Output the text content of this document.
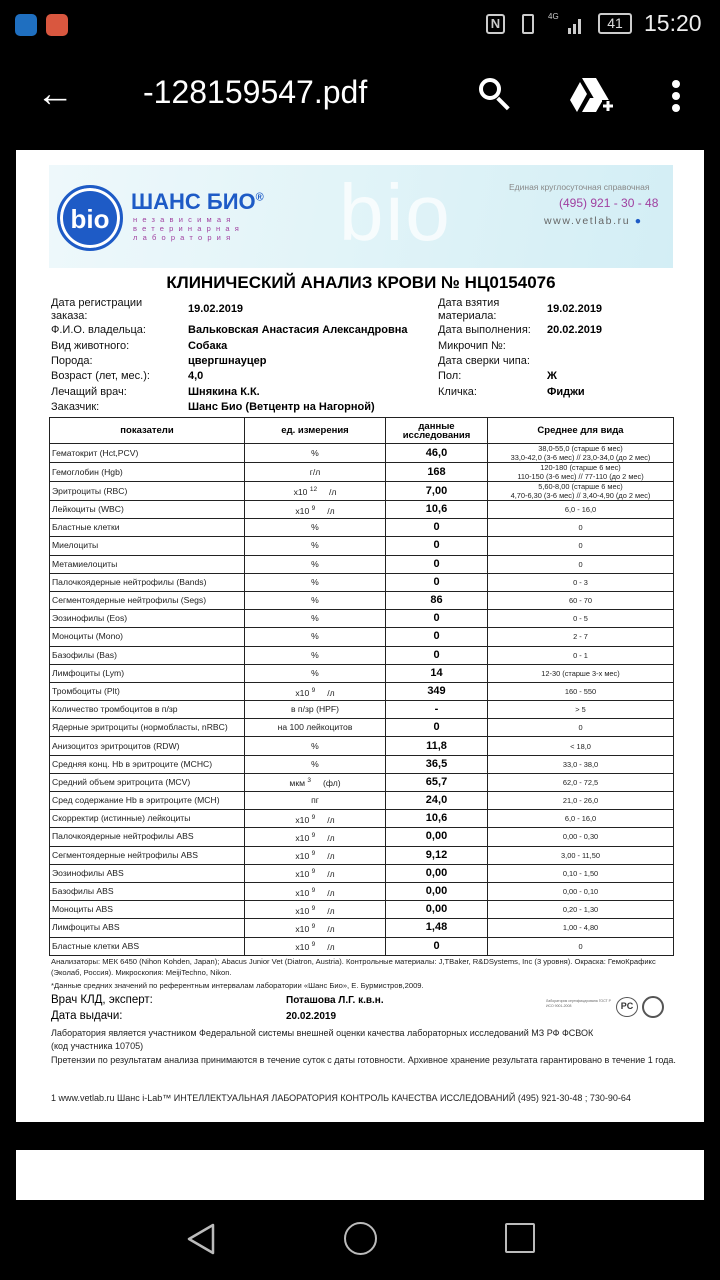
N	4G	41 15:20
← -128159547.pdf
bio
bio
ШАНС БИО®
независимая
ветеринарная
лаборатория
Единая круглосуточная справочная
(495) 921 - 30 - 48
www.vetlab.ru ●
КЛИНИЧЕСКИЙ АНАЛИЗ КРОВИ № НЦ0154076
Дата регистрации заказа:
19.02.2019
Ф.И.О. владельца:	Вальковская Анастасия Александровна
Вид животного:	Собака
Порода:	цвергшнауцер
Возраст (лет, мес.):	4,0
Лечащий врач:	Шнякина К.К.
Заказчик:	Шанс Био (Ветцентр на Нагорной)
Дата взятия материала:
19.02.2019
Дата выполнения: 20.02.2019
Микрочип №:
Дата сверки чипа:
Пол:	Ж
Кличка:	Фиджи
показатели	ед. измерения	данные исследования	Среднее для вида
Гематокрит (Hct,PCV)	%	46,0	38,0-55,0 (старше 6 мес)
33,0-42,0 (3-6 мес) // 23,0-34,0 (до 2 мес)

Гемоглобин (Hgb)	г/л	168	120-180 (старше 6 мес)
110-150 (3-6 мес) // 77-110 (до 2 мес)

Эритроциты (RBC)	x10 $^{12}$ /л	7,00	5,60-8,00 (старше 6 мес)
4,70-6,30 (3-6 мес) // 3,40-4,90 (до 2 мес)

Лейкоциты (WBC)	x10 $^9$ /л	10,6	6,0 - 16,0

Бластные клетки	%	0	0

Миелоциты	%	0	0

Метамиелоциты	%	0	0

Палочкоядерные нейтрофилы (Bands)	%	0	0 - 3

Сегментоядерные нейтрофилы (Segs)	%	86	60 - 70

Эозинофилы (Eos)	%	0	0 - 5

Моноциты (Mono)	%	0	2 - 7

Базофилы (Bas)	%	0	0 - 1

Лимфоциты (Lym)	%	14	12-30 (старше 3-х мес)

Тромбоциты (Plt)	x10 $^9$ /л	349	160 - 550

Количество тромбоцитов в п/зр	в п/зр (HPF)	-	> 5

Ядерные эритроциты (нормобласты, nRBC)	на 100 лейкоцитов	0	0

Анизоцитоз эритроцитов (RDW)	%	11,8	< 18,0

Средняя конц. Hb в эритроците (MCHC)	%	36,5	33,0 - 38,0

Средний объем эритроцита (MCV)	мкм $^3$ (фл)	65,7	62,0 - 72,5

Сред содержание Hb в эритроците (MCH)	пг	24,0	21,0 - 26,0

Скорректир (истинные) лейкоциты	x10 $^9$ /л	10,6	6,0 - 16,0

Палочкоядерные нейтрофилы ABS	x10 $^9$ /л	0,00	0,00 - 0,30

Сегментоядерные нейтрофилы ABS	x10 $^9$ /л	9,12	3,00 - 11,50

Эозинофилы ABS	x10 $^9$ /л	0,00	0,10 - 1,50

Базофилы ABS	x10 $^9$ /л	0,00	0,00 - 0,10

Моноциты ABS	x10 $^9$ /л	0,00	0,20 - 1,30

Лимфоциты ABS	x10 $^9$ /л	1,48	1,00 - 4,80

Бластные клетки ABS	x10 $^9$ /л	0	0
Анализаторы: МЕК 6450 (Nihon Kohden, Japan); Abacus Junior Vet (Diatron, Austria). Контрольные материалы: J,TBaker, R&DSystems, Inc (3 уровня). Окраска: ГемоКрафикс (Эколаб, Россия). Микроскопия: MeijiTechno, Nikon.
*Данные средних значений по референтным интервалам лаборатории «Шанс Био», Е. Бурмистров,2009.
Врач КЛД, эксперт:	Поташова Л.Г. к.в.н.
Дата выдачи:	20.02.2019
Лаборатория сертифицирована ГОСТ Р ИСО 9001-2008	PC
Лаборатория является участником Федеральной системы внешней оценки качества лабораторных исследований МЗ РФ ФСВОК
(код участника 10705)
Претензии по результатам анализа принимаются в течение суток с даты готовности. Архивное хранение результата гарантировано в течение 1 года.
1 www.vetlab.ru Шанс i-Lab™ ИНТЕЛЛЕКТУАЛЬНАЯ ЛАБОРАТОРИЯ КОНТРОЛЬ КАЧЕСТВА ИССЛЕДОВАНИЙ (495) 921-30-48 ; 730-90-64
